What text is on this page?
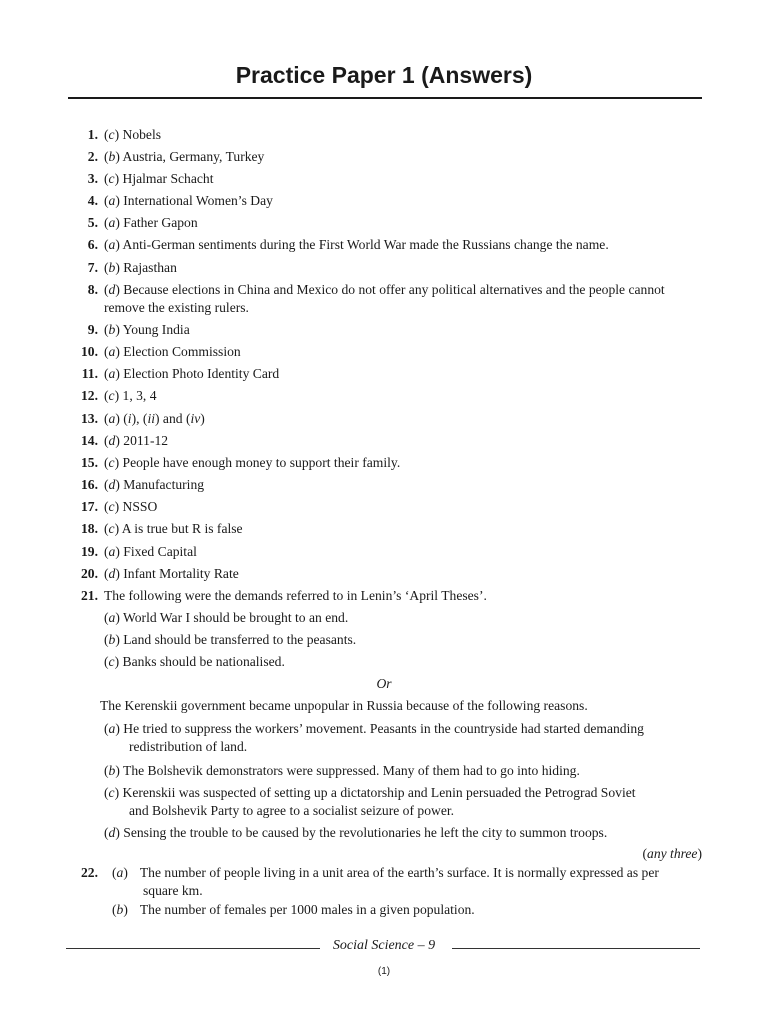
Practice Paper 1 (Answers)
1. (c) Nobels
2. (b) Austria, Germany, Turkey
3. (c) Hjalmar Schacht
4. (a) International Women’s Day
5. (a) Father Gapon
6. (a) Anti-German sentiments during the First World War made the Russians change the name.
7. (b) Rajasthan
8. (d) Because elections in China and Mexico do not offer any political alternatives and the people cannot
remove the existing rulers.
9. (b) Young India
10. (a) Election Commission
11. (a) Election Photo Identity Card
12. (c) 1, 3, 4
13. (a) (i), (ii) and (iv)
14. (d) 2011-12
15. (c) People have enough money to support their family.
16. (d) Manufacturing
17. (c) NSSO
18. (c) A is true but R is false
19. (a) Fixed Capital
20. (d) Infant Mortality Rate
21. The following were the demands referred to in Lenin’s ‘April Theses’.
(a) World War I should be brought to an end.
(b) Land should be transferred to the peasants.
(c) Banks should be nationalised.
The Kerenskii government became unpopular in Russia because of the following reasons.
(a) He tried to suppress the workers’ movement. Peasants in the countryside had started demanding
redistribution of land.
(b) The Bolshevik demonstrators were suppressed. Many of them had to go into hiding.
(c) Kerenskii was suspected of setting up a dictatorship and Lenin persuaded the Petrograd Soviet
and Bolshevik Party to agree to a socialist seizure of power.
(d) Sensing the trouble to be caused by the revolutionaries he left the city to summon troops.
22. (a) The number of people living in a unit area of the earth’s surface. It is normally expressed as per
square km.
(b) The number of females per 1000 males in a given population.
Or
(any three)
Social Science – 9
(1)
